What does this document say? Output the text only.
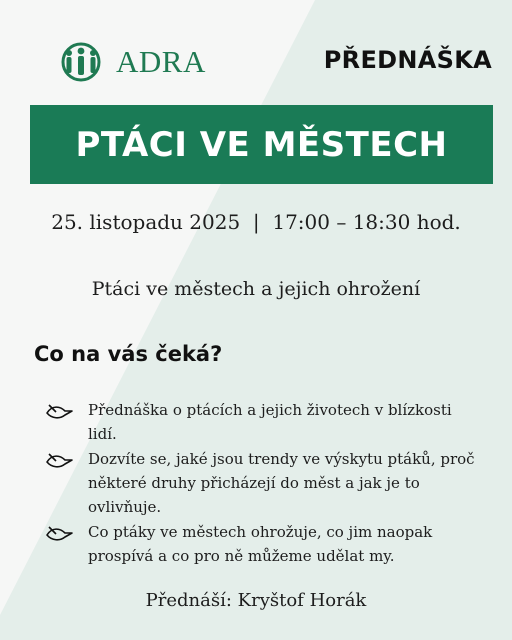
ADRA	PŘEDNÁŠKA
PTÁCI VE MĚSTECH
25. listopadu 2025  |  17:00 – 18:30 hod.
Ptáci ve městech a jejich ohrožení
Co na vás čeká?
Přednáška o ptácích a jejich životech v blízkosti lidí.
Dozvíte se, jaké jsou trendy ve výskytu ptáků, proč některé druhy přicházejí do měst a jak je to ovlivňuje.
Co ptáky ve městech ohrožuje, co jim naopak prospívá a co pro ně můžeme udělat my.
Přednáší: Kryštof Horák
